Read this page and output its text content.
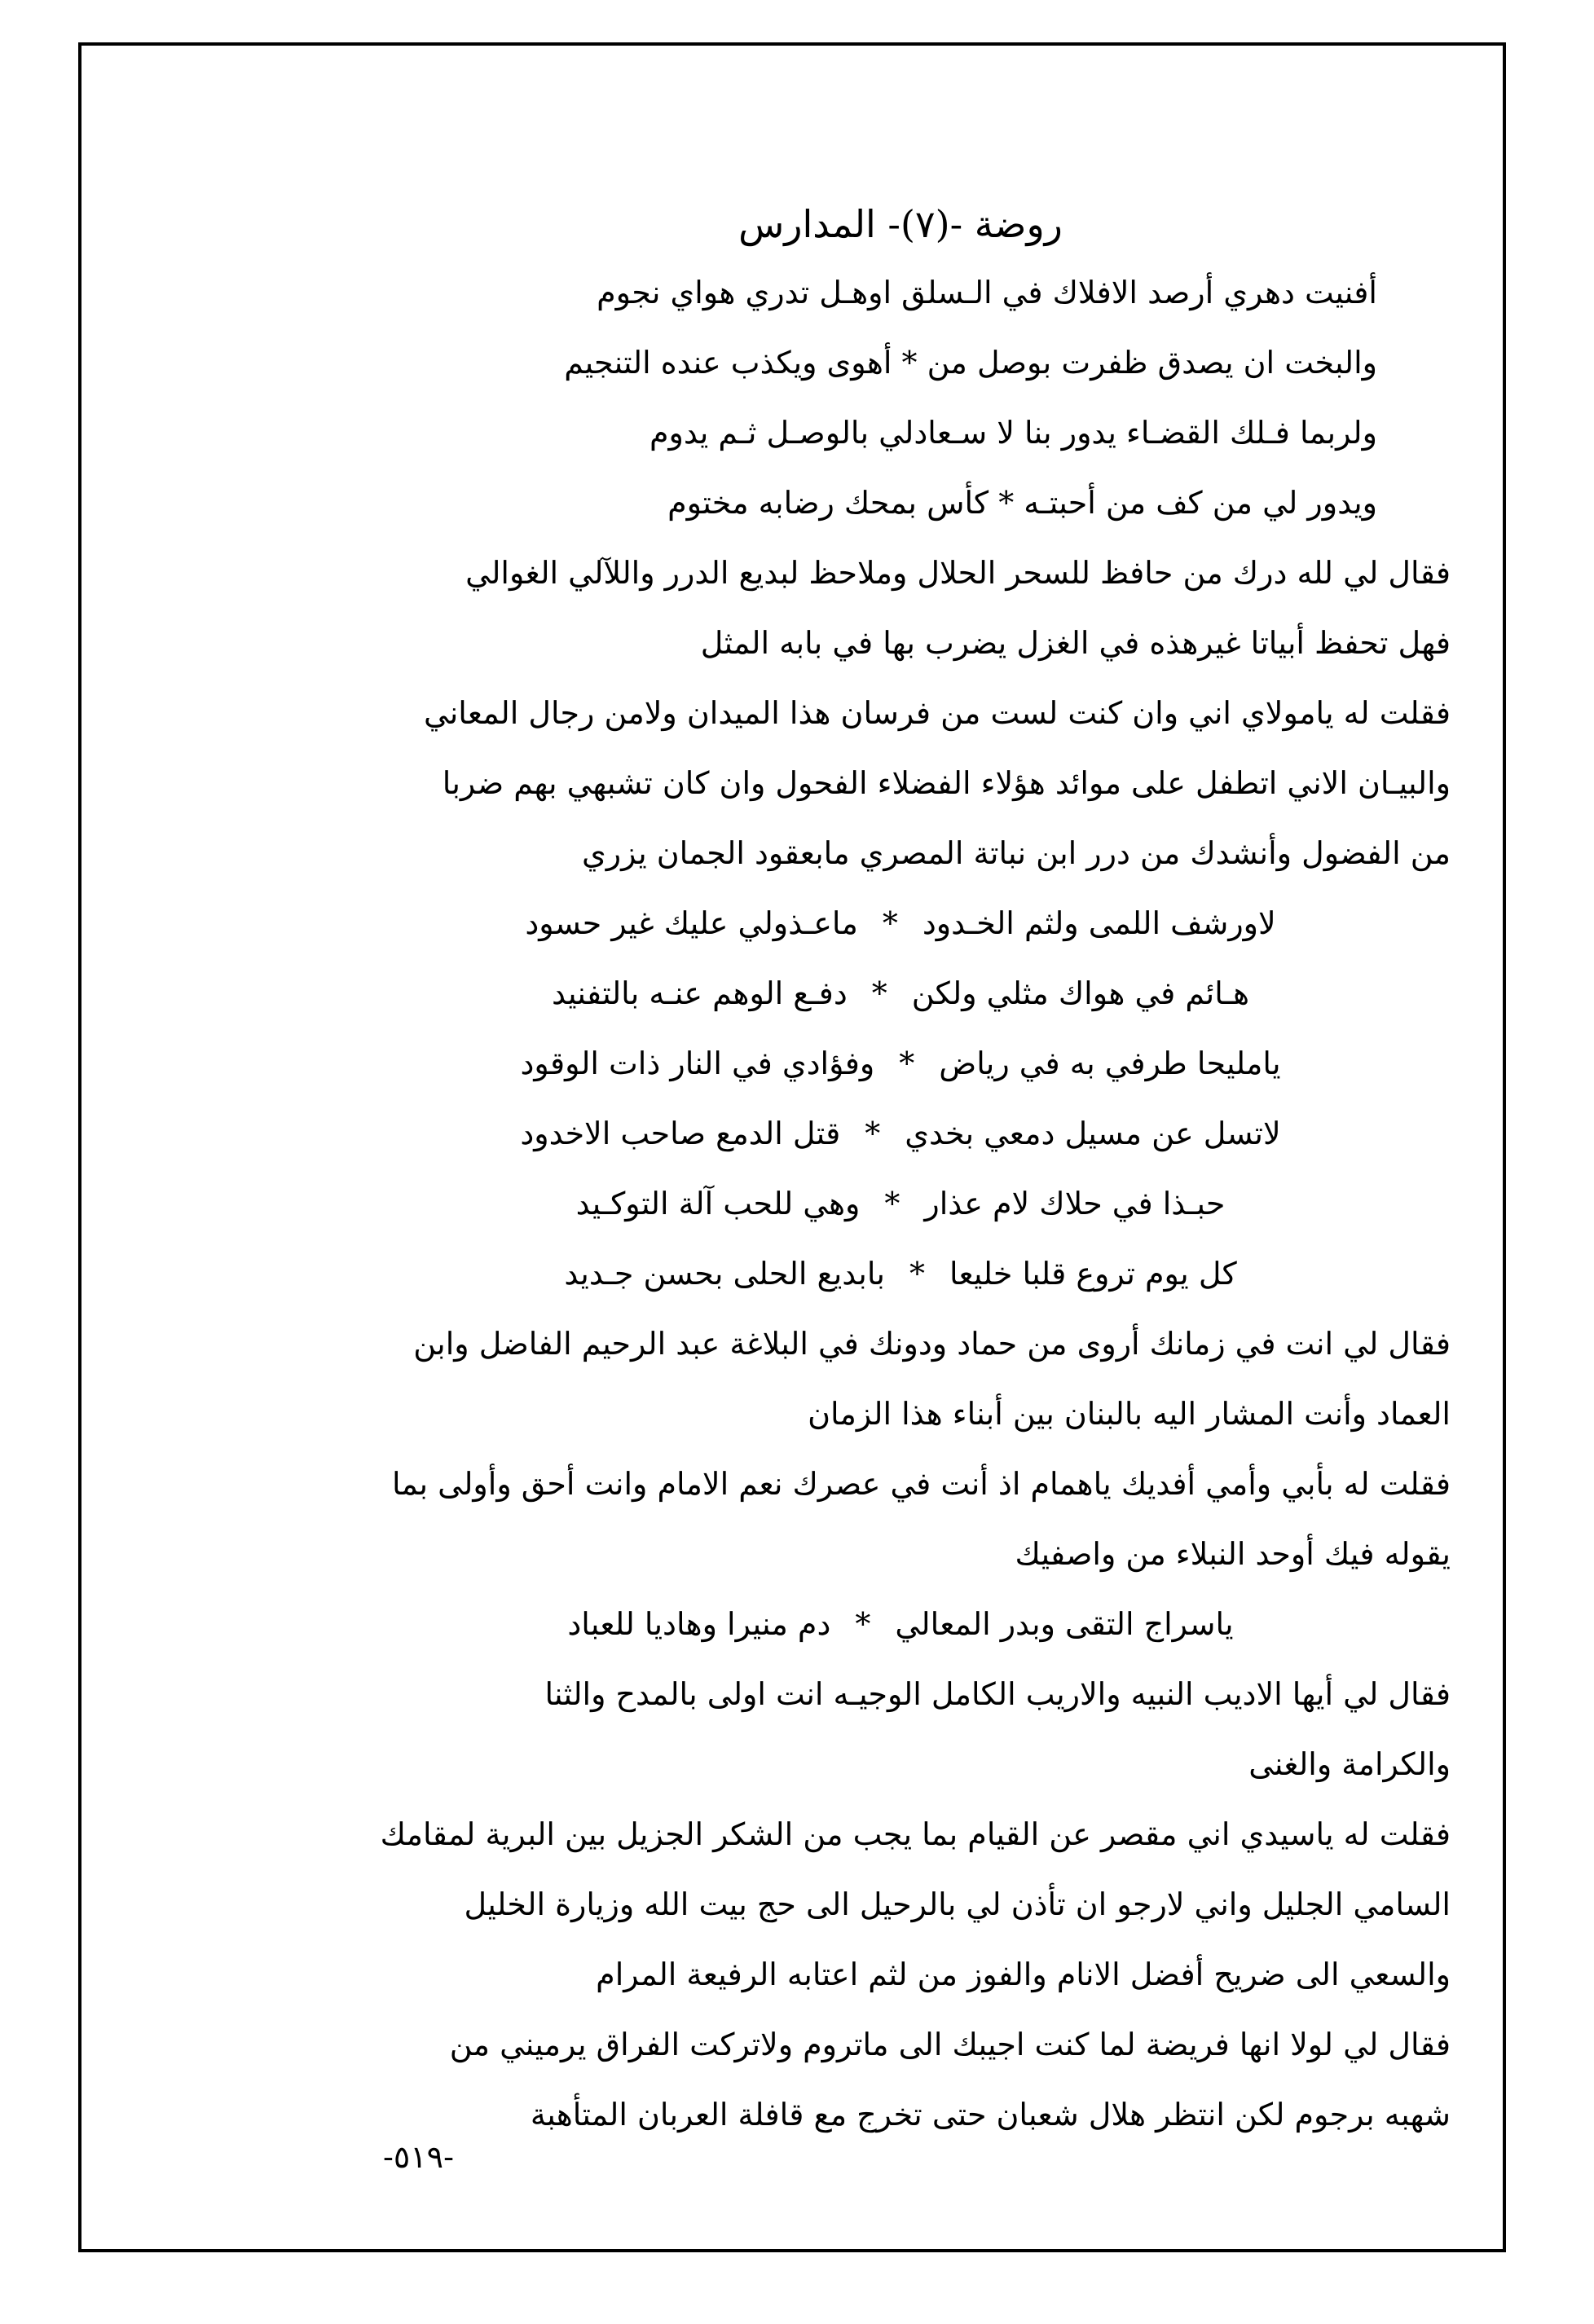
روضة -(٧)- المدارس
أفنيت دهري أرصد الافلاك في الـسلق اوهـل تدري هواي نجوم
والبخت ان يصدق ظفرت بوصل من * أهوى ويكذب عنده التنجيم
ولربما فـلك القضـاء يدور بنا لا سـعادلي بالوصـل ثـم يدوم
ويدور لي من كف من أحبتـه * كأس بمحك رضابه مختوم
فقال لي لله درك من حافظ للسحر الحلال وملاحظ لبديع الدرر واللآلي الغوالي
فهل تحفظ أبياتا غيرهذه في الغزل يضرب بها في بابه المثل
فقلت له يامولاي اني وان كنت لست من فرسان هذا الميدان ولامن رجال المعاني
والبيـان الاني اتطفل على موائد هؤلاء الفضلاء الفحول وان كان تشبهي بهم ضربا
من الفضول وأنشدك من درر ابن نباتة المصري مابعقود الجمان يزري
لاورشف اللمى ولثم الخـدود
*
ماعـذولي عليك غير حسود
هـائم في هواك مثلي ولكن
*
دفـع الوهم عنـه بالتفنيد
يامليحا طرفي به في رياض
*
وفؤادي في النار ذات الوقود
لاتسل عن مسيل دمعي بخدي
*
قتل الدمع صاحب الاخدود
حبـذا في حلاك لام عذار
*
وهي للحب آلة التوكـيد
كل يوم تروع قلبا خليعا
*
بابديع الحلى بحسن جـديد
فقال لي انت في زمانك أروى من حماد ودونك في البلاغة عبد الرحيم الفاضل وابن
العماد وأنت المشار اليه بالبنان بين أبناء هذا الزمان
فقلت له بأبي وأمي أفديك ياهمام اذ أنت في عصرك نعم الامام وانت أحق وأولى بما
يقوله فيك أوحد النبلاء من واصفيك
ياسراج التقى وبدر المعالي
*
دم منيرا وهاديا للعباد
فقال لي أيها الاديب النبيه والاريب الكامل الوجيـه انت اولى بالمدح والثنا
والكرامة والغنى
فقلت له ياسيدي اني مقصر عن القيام بما يجب من الشكر الجزيل بين البرية لمقامك
السامي الجليل واني لارجو ان تأذن لي بالرحيل الى حج بيت الله وزيارة الخليل
والسعي الى ضريح أفضل الانام والفوز من لثم اعتابه الرفيعة المرام
فقال لي لولا انها فريضة لما كنت اجيبك الى ماتروم ولاتركت الفراق يرميني من
شهبه برجوم لكن انتظر هلال شعبان حتى تخرج مع قافلة العربان المتأهبة
-٥١٩-
